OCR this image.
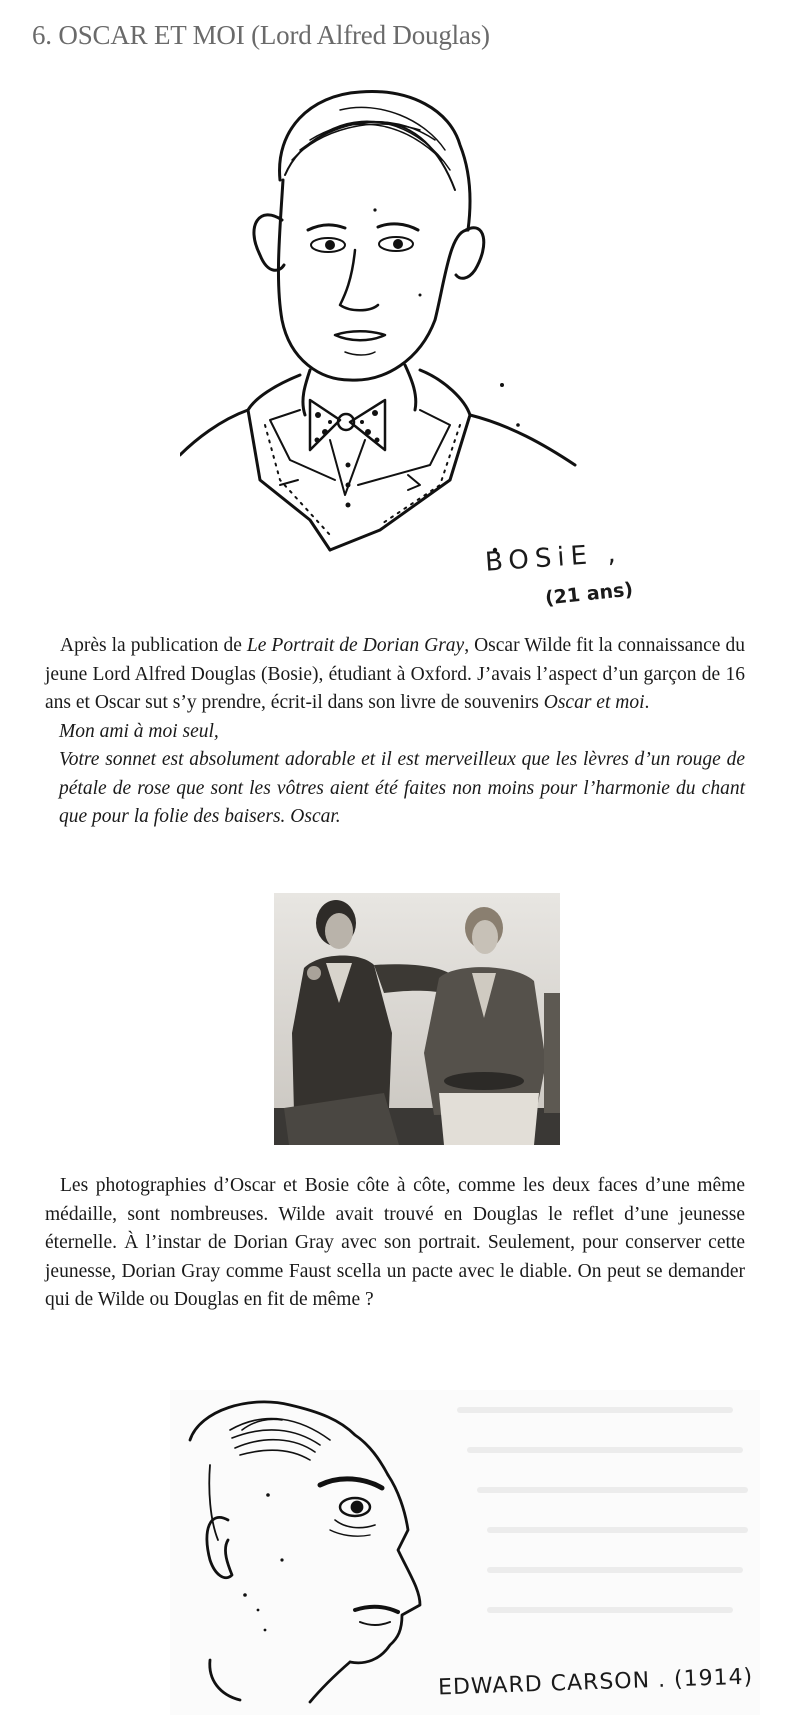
6. OSCAR ET MOI (Lord Alfred Douglas)
BOSiE ,
(21 ans)

Après la publication de Le Portrait de Dorian Gray, Oscar Wilde fit la connaissance du jeune Lord Alfred Douglas (Bosie), étudiant à Oxford. J’avais l’aspect d’un garçon de 16 ans et Oscar sut s’y prendre, écrit-il dans son livre de souvenirs Oscar et moi.

Mon ami à moi seul,
Votre sonnet est absolument adorable et il est merveilleux que les lèvres d’un rouge de pétale de rose que sont les vôtres aient été faites non moins pour l’harmonie du chant que pour la folie des baisers. Oscar.

Les photographies d’Oscar et Bosie côte à côte, comme les deux faces d’une même médaille, sont nombreuses. Wilde avait trouvé en Douglas le reflet d’une jeunesse éternelle. À l’instar de Dorian Gray avec son portrait. Seulement, pour conserver cette jeunesse, Dorian Gray comme Faust scella un pacte avec le diable. On peut se demander qui de Wilde ou Douglas en fit de même ?

EDWARD CARSON . (1914)
